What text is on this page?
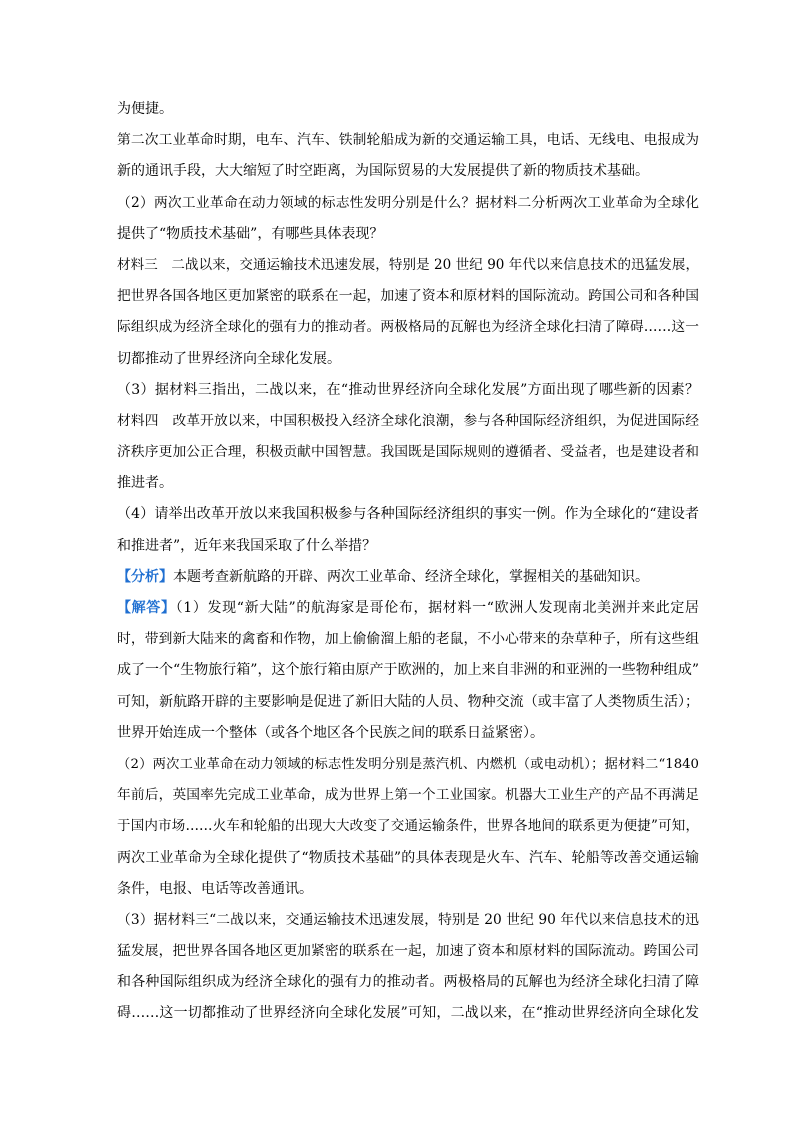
为便捷。
第二次工业革命时期，电车、汽车、铁制轮船成为新的交通运输工具，电话、无线电、电报成为
新的通讯手段，大大缩短了时空距离，为国际贸易的大发展提供了新的物质技术基础。
（2）两次工业革命在动力领域的标志性发明分别是什么？据材料二分析两次工业革命为全球化
提供了“物质技术基础”，有哪些具体表现？
材料三　二战以来，交通运输技术迅速发展，特别是 20 世纪 90 年代以来信息技术的迅猛发展，
把世界各国各地区更加紧密的联系在一起，加速了资本和原材料的国际流动。跨国公司和各种国
际组织成为经济全球化的强有力的推动者。两极格局的瓦解也为经济全球化扫清了障碍……这一
切都推动了世界经济向全球化发展。
（3）据材料三指出，二战以来，在“推动世界经济向全球化发展”方面出现了哪些新的因素？
材料四　改革开放以来，中国积极投入经济全球化浪潮，参与各种国际经济组织，为促进国际经
济秩序更加公正合理，积极贡献中国智慧。我国既是国际规则的遵循者、受益者，也是建设者和
推进者。
（4）请举出改革开放以来我国积极参与各种国际经济组织的事实一例。作为全球化的“建设者
和推进者”，近年来我国采取了什么举措？
【分析】本题考查新航路的开辟、两次工业革命、经济全球化，掌握相关的基础知识。
【解答】（1）发现“新大陆”的航海家是哥伦布，据材料一“欧洲人发现南北美洲并来此定居
时，带到新大陆来的禽畜和作物，加上偷偷溜上船的老鼠，不小心带来的杂草种子，所有这些组
成了一个“生物旅行箱”，这个旅行箱由原产于欧洲的，加上来自非洲的和亚洲的一些物种组成”
可知，新航路开辟的主要影响是促进了新旧大陆的人员、物种交流（或丰富了人类物质生活）；
世界开始连成一个整体（或各个地区各个民族之间的联系日益紧密）。
（2）两次工业革命在动力领域的标志性发明分别是蒸汽机、内燃机（或电动机）；据材料二“1840
年前后，英国率先完成工业革命，成为世界上第一个工业国家。机器大工业生产的产品不再满足
于国内市场……火车和轮船的出现大大改变了交通运输条件，世界各地间的联系更为便捷”可知，
两次工业革命为全球化提供了“物质技术基础”的具体表现是火车、汽车、轮船等改善交通运输
条件，电报、电话等改善通讯。
（3）据材料三“二战以来，交通运输技术迅速发展，特别是 20 世纪 90 年代以来信息技术的迅
猛发展，把世界各国各地区更加紧密的联系在一起，加速了资本和原材料的国际流动。跨国公司
和各种国际组织成为经济全球化的强有力的推动者。两极格局的瓦解也为经济全球化扫清了障
碍……这一切都推动了世界经济向全球化发展”可知，二战以来，在“推动世界经济向全球化发
